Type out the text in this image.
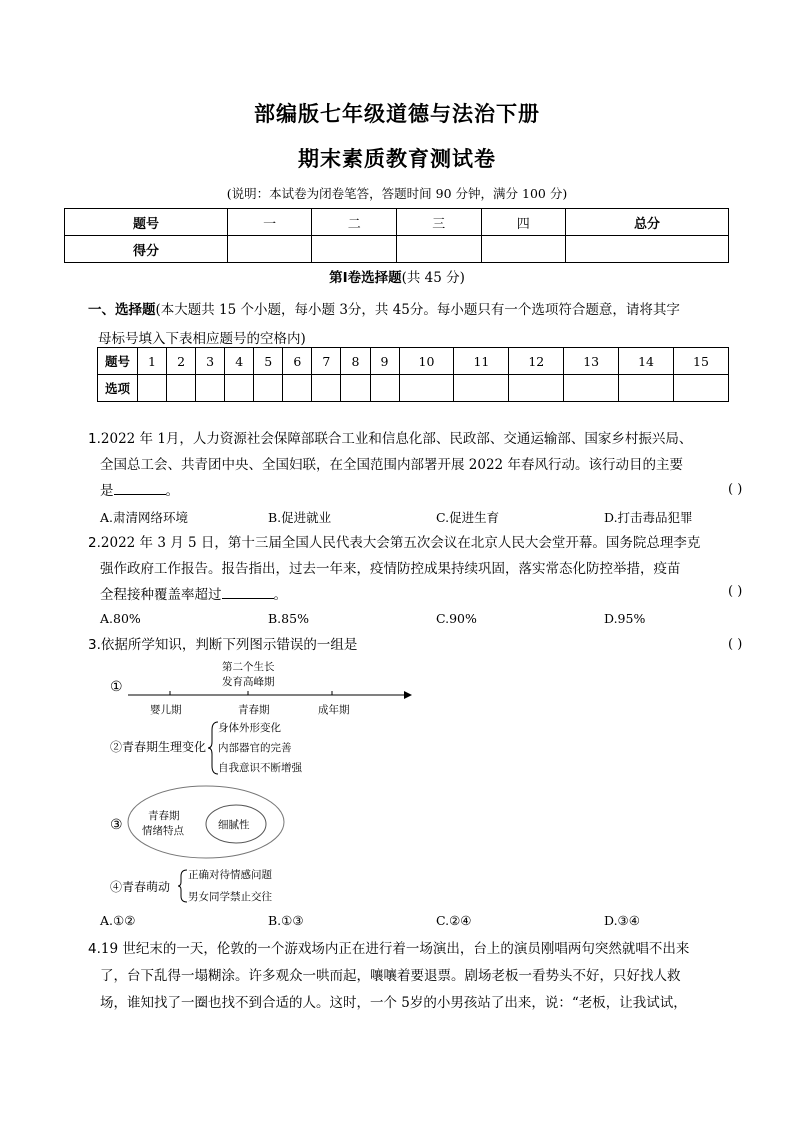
部编版七年级道德与法治下册
期末素质教育测试卷
(说明：本试卷为闭卷笔答，答题时间 90 分钟，满分 100 分)
题号	一	二	三	四	总分
得分					
第Ⅰ卷选择题(共 45 分)
一、选择题(本大题共 15 个小题，每小题 3分，共 45分。每小题只有一个选项符合题意，请将其字
母标号填入下表相应题号的空格内)
题号	1	2	3	4	5	6	7	8	9	10	11	12	13	14	15
选项															
1.2022 年 1月，人力资源社会保障部联合工业和信息化部、民政部、交通运输部、国家乡村振兴局、
全国总工会、共青团中央、全国妇联，在全国范围内部署开展 2022 年春风行动。该行动目的主要
是	。	( )
A.肃清网络环境	B.促进就业	C.促进生育	D.打击毒品犯罪
2.2022 年 3 月 5 日，第十三届全国人民代表大会第五次会议在北京人民大会堂开幕。国务院总理李克
强作政府工作报告。报告指出，过去一年来，疫情防控成果持续巩固，落实常态化防控举措，疫苗
全程接种覆盖率超过	。	( )
A.80%	B.85%	C.90%	D.95%
3.依据所学知识，判断下列图示错误的一组是	( )
①
第二个生长
发育高峰期
婴儿期	青春期	成年期
②青春期生理变化
身体外形变化
内部器官的完善
自我意识不断增强
③
青春期
情绪特点	细腻性
④青春萌动
正确对待情感问题
男女同学禁止交往
A.①②	B.①③	C.②④	D.③④
4.19 世纪末的一天，伦敦的一个游戏场内正在进行着一场演出，台上的演员刚唱两句突然就唱不出来
了，台下乱得一塌糊涂。许多观众一哄而起，嚷嚷着要退票。剧场老板一看势头不好，只好找人救
场，谁知找了一圈也找不到合适的人。这时，一个 5岁的小男孩站了出来，说：“老板，让我试试，
